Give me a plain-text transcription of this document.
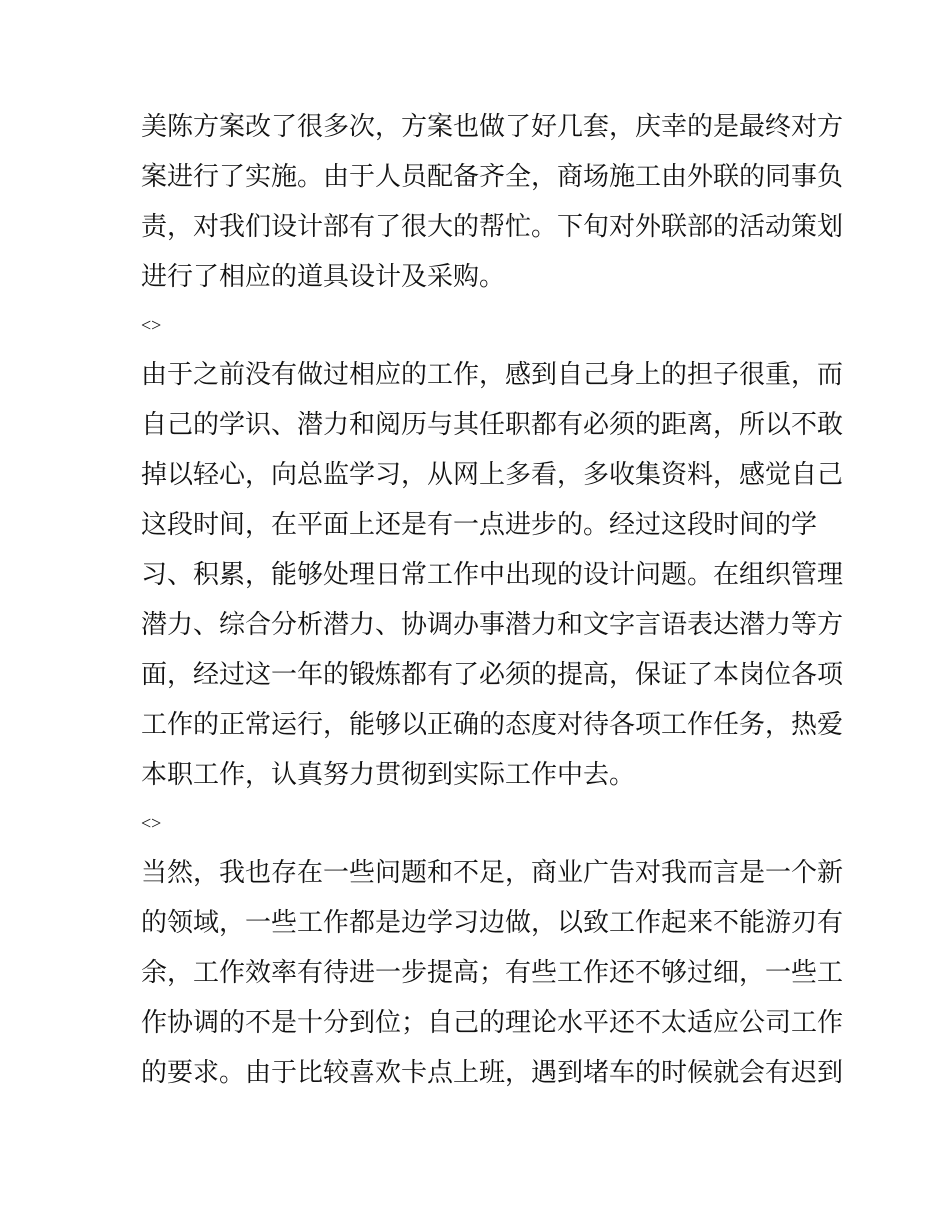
美陈方案改了很多次，方案也做了好几套，庆幸的是最终对方
案进行了实施。由于人员配备齐全，商场施工由外联的同事负
责，对我们设计部有了很大的帮忙。下旬对外联部的活动策划
进行了相应的道具设计及采购。
<>
由于之前没有做过相应的工作，感到自己身上的担子很重，而
自己的学识、潜力和阅历与其任职都有必须的距离，所以不敢
掉以轻心，向总监学习，从网上多看，多收集资料，感觉自己
这段时间，在平面上还是有一点进步的。经过这段时间的学
习、积累，能够处理日常工作中出现的设计问题。在组织管理
潜力、综合分析潜力、协调办事潜力和文字言语表达潜力等方
面，经过这一年的锻炼都有了必须的提高，保证了本岗位各项
工作的正常运行，能够以正确的态度对待各项工作任务，热爱
本职工作，认真努力贯彻到实际工作中去。
<>
当然，我也存在一些问题和不足，商业广告对我而言是一个新
的领域，一些工作都是边学习边做，以致工作起来不能游刃有
余，工作效率有待进一步提高；有些工作还不够过细，一些工
作协调的不是十分到位；自己的理论水平还不太适应公司工作
的要求。由于比较喜欢卡点上班，遇到堵车的时候就会有迟到
